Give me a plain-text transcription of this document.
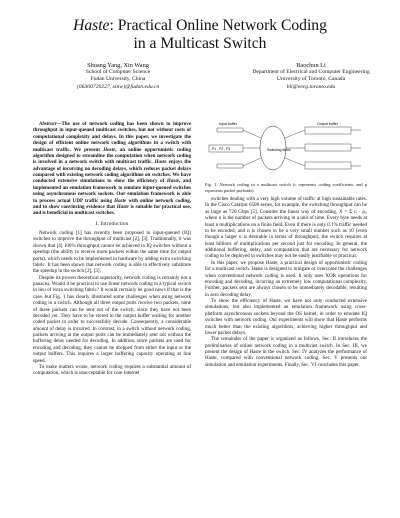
Haste: Practical Online Network Coding
in a Multicast Switch
Shuang Yang, Xin Wang
School of Computer Science
Fudan University, China
{06300720227, xinw}@fudan.edu.cn
Baochun Li
Department of Electrical and Computer Engineering
University of Toronto, Canada
bli@eecg.toronto.edu
Abstract—The use of network coding has been shown to improve throughput in input-queued multicast switches, but not without costs of computational complexity and delays. In this paper, we investigate the design of efficient online network coding algorithms in a switch with multicast traffic. We present Haste, an online opportunistic coding algorithm designed to streamline the computation when network coding is involved in a network switch with multicast traffic. Haste enjoys the advantage of incurring no decoding delays, which reduces packet delays compared with existing network coding algorithms on switches. We have conducted extensive simulations to show the efficiency of Haste, and implemented an emulation framework to emulate input-queued switches using asynchronous network sockets. Our emulation framework is able to process actual UDP traffic using Haste with online network coding, and to show convincing evidence that Haste is suitable for practical use, and is beneficial in multicast switches.
I. Introduction

Network coding [1] has recently been proposed in input-queued (IQ) switches to improve the throughput of multicast [2], [3]. Traditionally, it was shown that [4] 100% throughput cannot be achieved in IQ switches without a speedup (the ability to receive more packets within the same time for output ports), which needs to be implemented in hardware by adding extra switching fabric. It has been shown that network coding is able to effectively substitute the speedup in the switch [2], [3].

Despite its proven theoretical superiority, network coding is certainly not a panacea. Would it be practical to use linear network coding in a typical switch in lieu of extra switching fabric? It would certainly be good news if that is the case, but Fig. 1 has clearly illustrated some challenges when using network coding in a switch. Although all three output ports receive two packets, none of these packets can be sent out of the switch, since they have not been decoded yet. They have to be stored in the output buffer waiting for another coded packet in order to successfully decode. Consequently, a considerable amount of delay is incurred. In contrast, in a switch without network coding, packets arriving at the output ports can be immediately sent out without the buffering delay needed for decoding. In addition, since packets are used for encoding and decoding, they cannot be dropped from either the input or the output buffers. This requires a larger buffering capacity operating at line speed.

To make matters worse, network coding requires a substantial amount of computation, which is unacceptable for core Internet

Input buffer
P1 , P2 , P3	Switching fabric
Output buffer
Fig. 1. Network coding in a multicast switch (c represents coding coefficients, and p represents packet payloads).

switches dealing with a very high volume of traffic at high sustainable rates. In the Cisco Catalyst 6500 series, for example, the switching throughput can be as large as 720 Gbps [5]. Consider the linear way of encoding, X = Σ cᵢ · pᵢ, where n is the number of packets arriving in a unit of time. Every byte needs at least n multiplications on a finite field. Even if there is only 0.1% traffic needed to be encoded, and n is chosen to be a very small number such as 10 (even though a larger n is desirable in terms of throughput), the switch requires at least billions of multiplications per second just for encoding. In general, the additional buffering, delay, and computation that are necessary for network coding to be deployed in switches may not be easily justifiable or practical.

In this paper, we propose Haste, a practical design of opportunistic coding for a multicast switch. Haste is designed to mitigate or overcome the challenges when conventional network coding is used. It only uses XOR operations for encoding and decoding, incurring an extremely low computational complexity. Further, packets sent are always chosen to be immediately decodable, resulting in zero decoding delay.

To show the efficiency of Haste, we have not only conducted extensive simulations, but also implemented an emulation framework using cross-platform asynchronous sockets beyond the OS kernel, in order to emulate IQ switches with network coding. Our experiments will show that Haste performs much better than the existing algorithms, achieving higher throughput and lower packet delays.

The remainder of the paper is organized as follows. Sec. II introduces the preliminaries of online network coding in a multicast switch. In Sec. III, we present the design of Haste in the switch. Sec. IV analyzes the performance of Haste, compared with conventional network coding. Sec. V presents our simulation and emulation experiments. Finally, Sec. VI concludes this paper.
